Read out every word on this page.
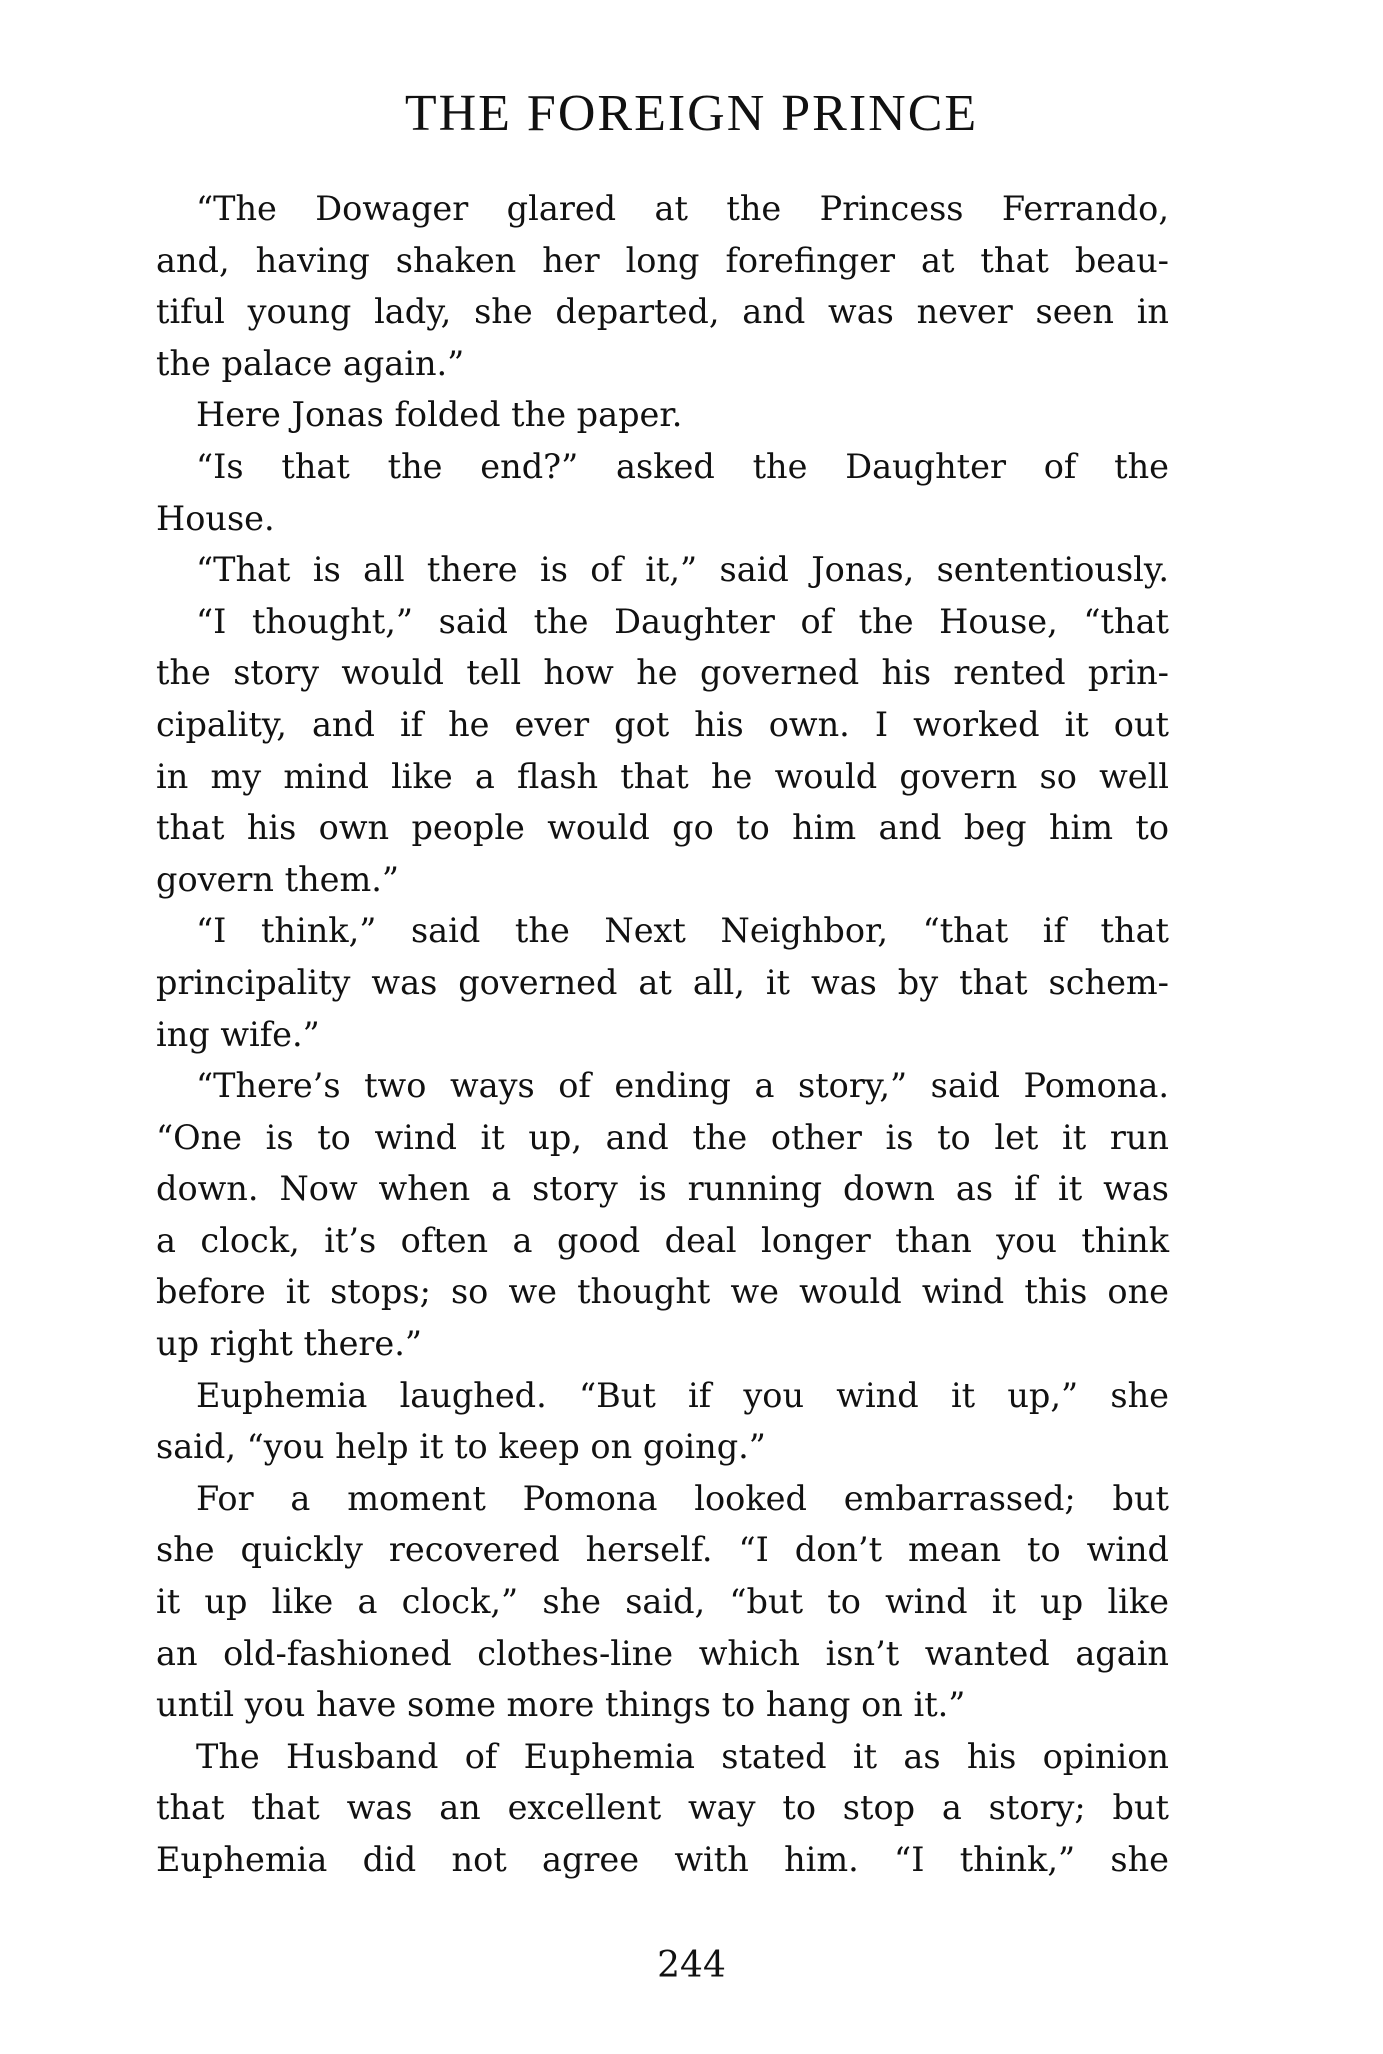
THE FOREIGN PRINCE
“The Dowager glared at the Princess Ferrando,
and, having shaken her long forefinger at that beau-
tiful young lady, she departed, and was never seen in
the palace again.”
Here Jonas folded the paper.
“Is that the end?” asked the Daughter of the
House.
“That is all there is of it,” said Jonas, sententiously.
“I thought,” said the Daughter of the House, “that
the story would tell how he governed his rented prin-
cipality, and if he ever got his own. I worked it out
in my mind like a flash that he would govern so well
that his own people would go to him and beg him to
govern them.”
“I think,” said the Next Neighbor, “that if that
principality was governed at all, it was by that schem-
ing wife.”
“There’s two ways of ending a story,” said Pomona.
“One is to wind it up, and the other is to let it run
down. Now when a story is running down as if it was
a clock, it’s often a good deal longer than you think
before it stops; so we thought we would wind this one
up right there.”
Euphemia laughed. “But if you wind it up,” she
said, “you help it to keep on going.”
For a moment Pomona looked embarrassed; but
she quickly recovered herself. “I don’t mean to wind
it up like a clock,” she said, “but to wind it up like
an old-fashioned clothes-line which isn’t wanted again
until you have some more things to hang on it.”
The Husband of Euphemia stated it as his opinion
that that was an excellent way to stop a story; but
Euphemia did not agree with him. “I think,” she
244
